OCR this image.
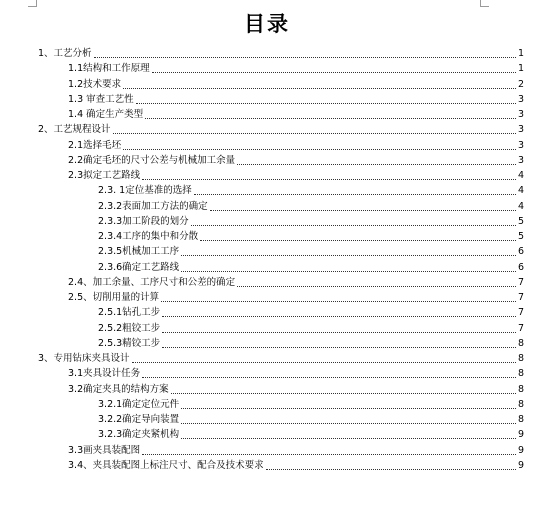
目录
1、工艺分析	1
1.1结构和工作原理	1
1.2技术要求	2
1.3 审查工艺性	3
1.4 确定生产类型	3
2、工艺规程设计	3
2.1选择毛坯	3
2.2确定毛坯的尺寸公差与机械加工余量	3
2.3拟定工艺路线	4
2.3. 1定位基准的选择	4
2.3.2表面加工方法的确定	4
2.3.3加工阶段的划分	5
2.3.4工序的集中和分散	5
2.3.5机械加工工序	6
2.3.6确定工艺路线	6
2.4、加工余量、工序尺寸和公差的确定	7
2.5、切削用量的计算	7
2.5.1钻孔工步	7
2.5.2粗铰工步	7
2.5.3精铰工步	8
3、专用钻床夹具设计	8
3.1夹具设计任务	8
3.2确定夹具的结构方案	8
3.2.1确定定位元件	8
3.2.2确定导向装置	8
3.2.3确定夹紧机构	9
3.3画夹具装配图	9
3.4、夹具装配图上标注尺寸、配合及技术要求	9
